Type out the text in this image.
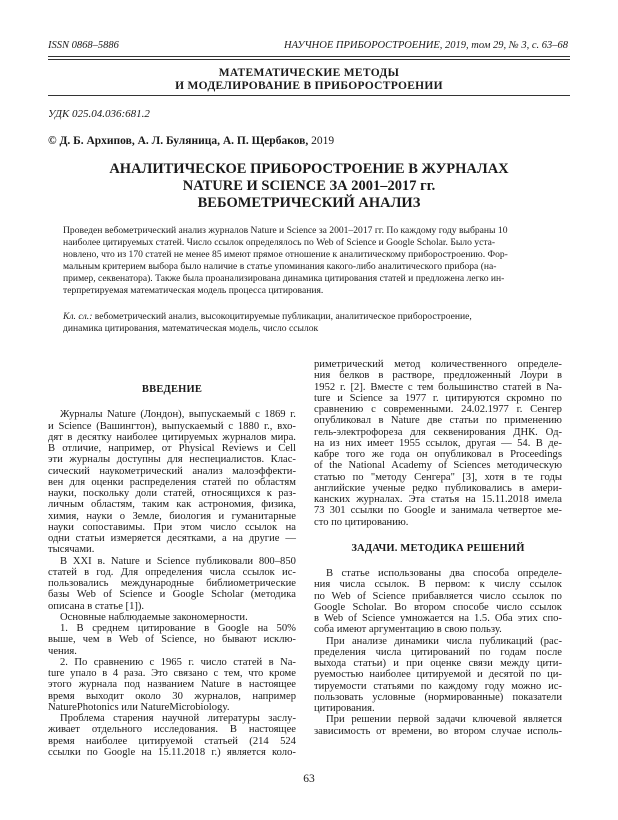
ISSN 0868–5886	НАУЧНОЕ ПРИБОРОСТРОЕНИЕ, 2019, том 29, № 3, с. 63–68
МАТЕМАТИЧЕСКИЕ МЕТОДЫ
И МОДЕЛИРОВАНИЕ В ПРИБОРОСТРОЕНИИ
УДК 025.04.036:681.2
© Д. Б. Архипов, А. Л. Буляница, А. П. Щербаков, 2019
АНАЛИТИЧЕСКОЕ ПРИБОРОСТРОЕНИЕ В ЖУРНАЛАХ
NATURE И SCIENCE ЗА 2001–2017 гг.
ВЕБОМЕТРИЧЕСКИЙ АНАЛИЗ
Проведен вебометрический анализ журналов Nature и Science за 2001–2017 гг. По каждому году выбраны 10
наиболее цитируемых статей. Число ссылок определялось по Web of Science и Google Scholar. Было уста-
новлено, что из 170 статей не менее 85 имеют прямое отношение к аналитическому приборостроению. Фор-
мальным критерием выбора было наличие в статье упоминания какого-либо аналитического прибора (на-
пример, секвенатора). Также была проанализирована динамика цитирования статей и предложена легко ин-
терпретируемая математическая модель процесса цитирования.
Кл. сл.: вебометрический анализ, высокоцитируемые публикации, аналитическое приборостроение,
динамика цитирования, математическая модель, число ссылок
ВВЕДЕНИЕ
Журналы Nature (Лондон), выпускаемый с 1869 г.
и Science (Вашингтон), выпускаемый с 1880 г., вхо-
дят в десятку наиболее цитируемых журналов мира.
В отличие, например, от Physical Reviews и Cell
эти журналы доступны для неспециалистов. Клас-
сический наукометрический анализ малоэффекти-
вен для оценки распределения статей по областям
науки, поскольку доли статей, относящихся к раз-
личным областям, таким как астрономия, физика,
химия, науки о Земле, биология и гуманитарные
науки сопоставимы. При этом число ссылок на
одни статьи измеряется десятками, а на другие —
тысячами.
В XXI в. Nature и Science публиковали 800–850
статей в год. Для определения числа ссылок ис-
пользовались международные библиометрические
базы Web of Science и Google Scholar (методика
описана в статье [1]).
Основные наблюдаемые закономерности.
1. В среднем цитирование в Google на 50%
выше, чем в Web of Science, но бывают исклю-
чения.
2. По сравнению с 1965 г. число статей в Na-
ture упало в 4 раза. Это связано с тем, что кроме
этого журнала под названием Nature в настоящее
время выходит около 30 журналов, например
NaturePhotonics или NatureMicrobiology.
Проблема старения научной литературы заслу-
живает отдельного исследования. В настоящее
время наиболее цитируемой статьей (214 524
ссылки по Google на 15.11.2018 г.) является коло-
риметрический метод количественного определе-
ния белков в растворе, предложенный Лоури в
1952 г. [2]. Вместе с тем большинство статей в Na-
ture и Science за 1977 г. цитируются скромно по
сравнению с современными. 24.02.1977 г. Сенгер
опубликовал в Nature две статьи по применению
гель-электрофореза для секвенирования ДНК. Од-
на из них имеет 1955 ссылок, другая — 54. В де-
кабре того же года он опубликовал в Proceedings
of the National Academy of Sciences методическую
статью по "методу Сенгера" [3], хотя в те годы
английские ученые редко публиковались в амери-
канских журналах. Эта статья на 15.11.2018 имела
73 301 ссылки по Google и занимала четвертое ме-
сто по цитированию.
ЗАДАЧИ. МЕТОДИКА РЕШЕНИЙ
В статье использованы два способа определе-
ния числа ссылок. В первом: к числу ссылок
по Web of Science прибавляется число ссылок по
Google Scholar. Во втором способе число ссылок
в Web of Science умножается на 1.5. Оба этих спо-
соба имеют аргументацию в свою пользу.
При анализе динамики числа публикаций (рас-
пределения числа цитирований по годам после
выхода статьи) и при оценке связи между цити-
руемостью наиболее цитируемой и десятой по ци-
тируемости статьями по каждому году можно ис-
пользовать условные (нормированные) показатели
цитирования.
При решении первой задачи ключевой является
зависимость от времени, во втором случае исполь-
63
